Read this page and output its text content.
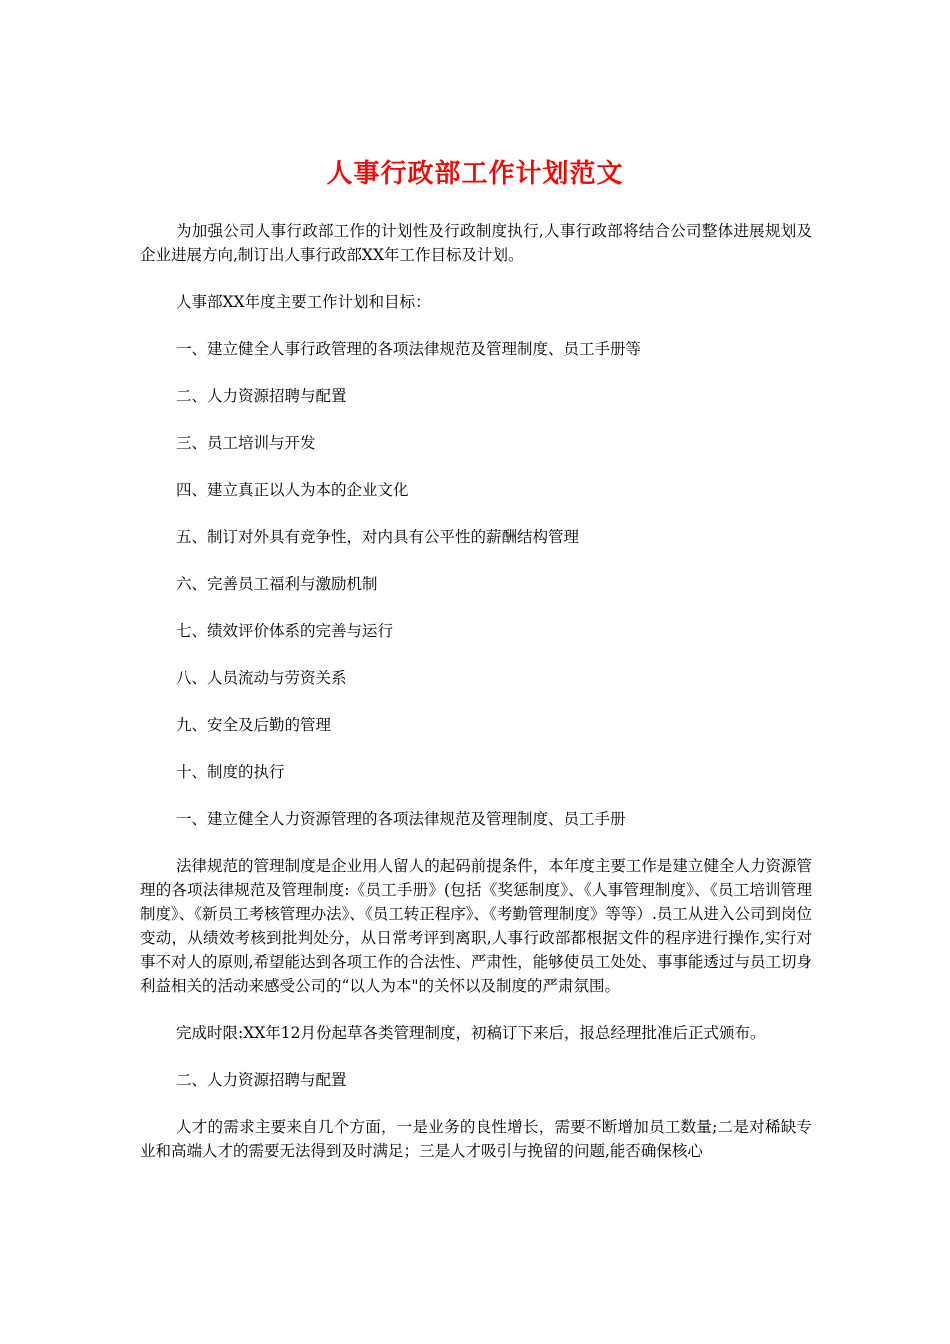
人事行政部工作计划范文

为加强公司人事行政部工作的计划性及行政制度执行,人事行政部将结合公司整体进展规划及企业进展方向,制订出人事行政部XX年工作目标及计划。

人事部XX年度主要工作计划和目标：

一、建立健全人事行政管理的各项法律规范及管理制度、员工手册等

二、人力资源招聘与配置

三、员工培训与开发

四、建立真正以人为本的企业文化

五、制订对外具有竞争性，对内具有公平性的薪酬结构管理

六、完善员工福利与激励机制

七、绩效评价体系的完善与运行

八、人员流动与劳资关系

九、安全及后勤的管理

十、制度的执行

一、建立健全人力资源管理的各项法律规范及管理制度、员工手册

法律规范的管理制度是企业用人留人的起码前提条件，本年度主要工作是建立健全人力资源管理的各项法律规范及管理制度:《员工手册》(包括《奖惩制度》、《人事管理制度》、《员工培训管理制度》、《新员工考核管理办法》、《员工转正程序》、《考勤管理制度》等等）.员工从进入公司到岗位变动，从绩效考核到批判处分，从日常考评到离职,人事行政部都根据文件的程序进行操作,实行对事不对人的原则,希望能达到各项工作的合法性、严肃性，能够使员工处处、事事能透过与员工切身利益相关的活动来感受公司的“以人为本"的关怀以及制度的严肃氛围。

完成时限:XX年12月份起草各类管理制度，初稿订下来后，报总经理批准后正式颁布。

二、人力资源招聘与配置

人才的需求主要来自几个方面，一是业务的良性增长，需要不断增加员工数量;二是对稀缺专业和高端人才的需要无法得到及时满足；三是人才吸引与挽留的问题,能否确保核心
